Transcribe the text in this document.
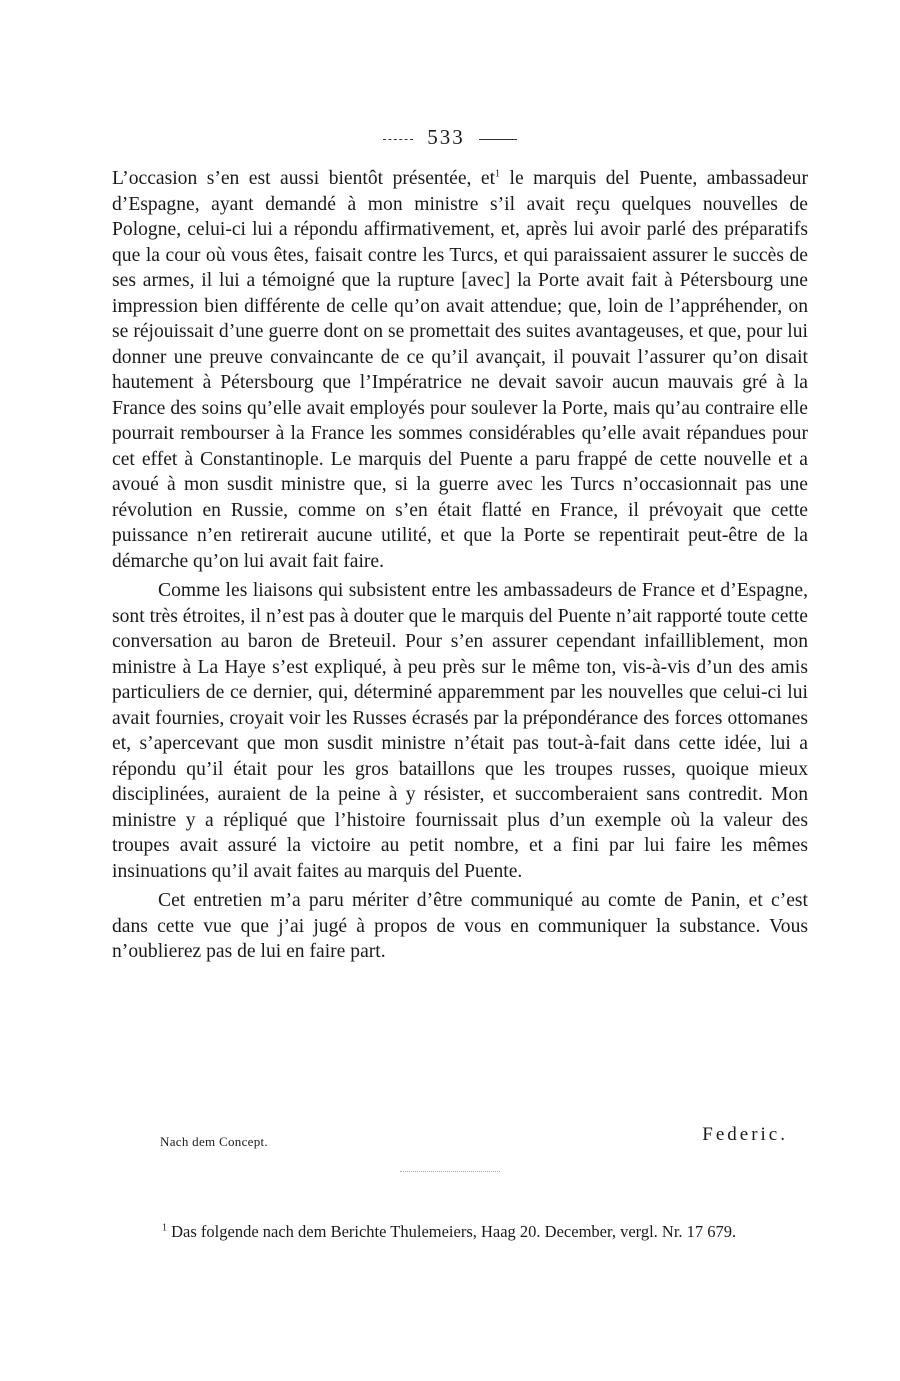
533

L’occasion s’en est aussi bientôt présentée, et$^1$ le marquis del Puente, ambassadeur d’Espagne, ayant demandé à mon ministre s’il avait reçu quelques nouvelles de Pologne, celui-ci lui a répondu affirmativement, et, après lui avoir parlé des préparatifs que la cour où vous êtes, faisait contre les Turcs, et qui paraissaient assurer le succès de ses armes, il lui a témoigné que la rupture [avec] la Porte avait fait à Pétersbourg une impression bien différente de celle qu’on avait attendue; que, loin de l’appréhender, on se réjouissait d’une guerre dont on se promettait des suites avantageuses, et que, pour lui donner une preuve convaincante de ce qu’il avançait, il pouvait l’assurer qu’on disait hautement à Pétersbourg que l’Impératrice ne devait savoir aucun mauvais gré à la France des soins qu’elle avait employés pour soulever la Porte, mais qu’au contraire elle pourrait rembourser à la France les sommes considérables qu’elle avait répandues pour cet effet à Constantinople. Le marquis del Puente a paru frappé de cette nouvelle et a avoué à mon susdit ministre que, si la guerre avec les Turcs n’occasionnait pas une révolution en Russie, comme on s’en était flatté en France, il prévoyait que cette puissance n’en retirerait aucune utilité, et que la Porte se repentirait peut-être de la démarche qu’on lui avait fait faire.

Comme les liaisons qui subsistent entre les ambassadeurs de France et d’Espagne, sont très étroites, il n’est pas à douter que le marquis del Puente n’ait rapporté toute cette conversation au baron de Breteuil. Pour s’en assurer cependant infailliblement, mon ministre à La Haye s’est expliqué, à peu près sur le même ton, vis-à-vis d’un des amis particuliers de ce dernier, qui, déterminé apparemment par les nouvelles que celui-ci lui avait fournies, croyait voir les Russes écrasés par la prépondérance des forces ottomanes et, s’apercevant que mon susdit ministre n’était pas tout-à-fait dans cette idée, lui a répondu qu’il était pour les gros bataillons que les troupes russes, quoique mieux disciplinées, auraient de la peine à y résister, et succomberaient sans contredit. Mon ministre y a répliqué que l’histoire fournissait plus d’un exemple où la valeur des troupes avait assuré la victoire au petit nombre, et a fini par lui faire les mêmes insinuations qu’il avait faites au marquis del Puente.

Cet entretien m’a paru mériter d’être communiqué au comte de Panin, et c’est dans cette vue que j’ai jugé à propos de vous en communiquer la substance. Vous n’oublierez pas de lui en faire part.

Nach dem Concept.	Federic.
$^1$ Das folgende nach dem Berichte Thulemeiers, Haag 20. December, vergl. Nr. 17 679.
